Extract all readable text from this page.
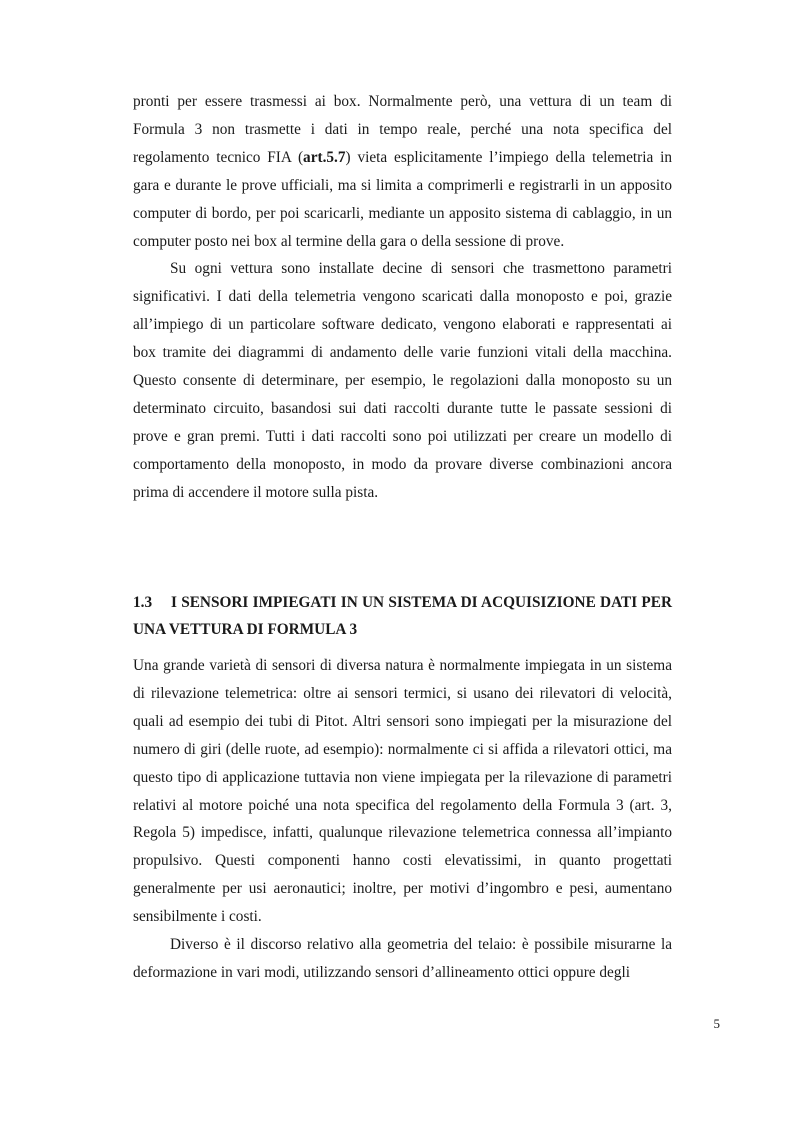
pronti per essere trasmessi ai box. Normalmente però, una vettura di un team di Formula 3 non trasmette i dati in tempo reale, perché una nota specifica del regolamento tecnico FIA (art.5.7) vieta esplicitamente l’impiego della telemetria in gara e durante le prove ufficiali, ma si limita a comprimerli e registrarli in un apposito computer di bordo, per poi scaricarli, mediante un apposito sistema di cablaggio, in un computer posto nei box al termine della gara o della sessione di prove.

Su ogni vettura sono installate decine di sensori che trasmettono parametri significativi. I dati della telemetria vengono scaricati dalla monoposto e poi, grazie all’impiego di un particolare software dedicato, vengono elaborati e rappresentati ai box tramite dei diagrammi di andamento delle varie funzioni vitali della macchina. Questo consente di determinare, per esempio, le regolazioni dalla monoposto su un determinato circuito, basandosi sui dati raccolti durante tutte le passate sessioni di prove e gran premi. Tutti i dati raccolti sono poi utilizzati per creare un modello di comportamento della monoposto, in modo da provare diverse combinazioni ancora prima di accendere il motore sulla pista.

1.3 I SENSORI IMPIEGATI IN UN SISTEMA DI ACQUISIZIONE DATI PER UNA VETTURA DI FORMULA 3

Una grande varietà di sensori di diversa natura è normalmente impiegata in un sistema di rilevazione telemetrica: oltre ai sensori termici, si usano dei rilevatori di velocità, quali ad esempio dei tubi di Pitot. Altri sensori sono impiegati per la misurazione del numero di giri (delle ruote, ad esempio): normalmente ci si affida a rilevatori ottici, ma questo tipo di applicazione tuttavia non viene impiegata per la rilevazione di parametri relativi al motore poiché una nota specifica del regolamento della Formula 3 (art. 3, Regola 5) impedisce, infatti, qualunque rilevazione telemetrica connessa all’impianto propulsivo. Questi componenti hanno costi elevatissimi, in quanto progettati generalmente per usi aeronautici; inoltre, per motivi d’ingombro e pesi, aumentano sensibilmente i costi.

Diverso è il discorso relativo alla geometria del telaio: è possibile misurarne la deformazione in vari modi, utilizzando sensori d’allineamento ottici oppure degli

5
